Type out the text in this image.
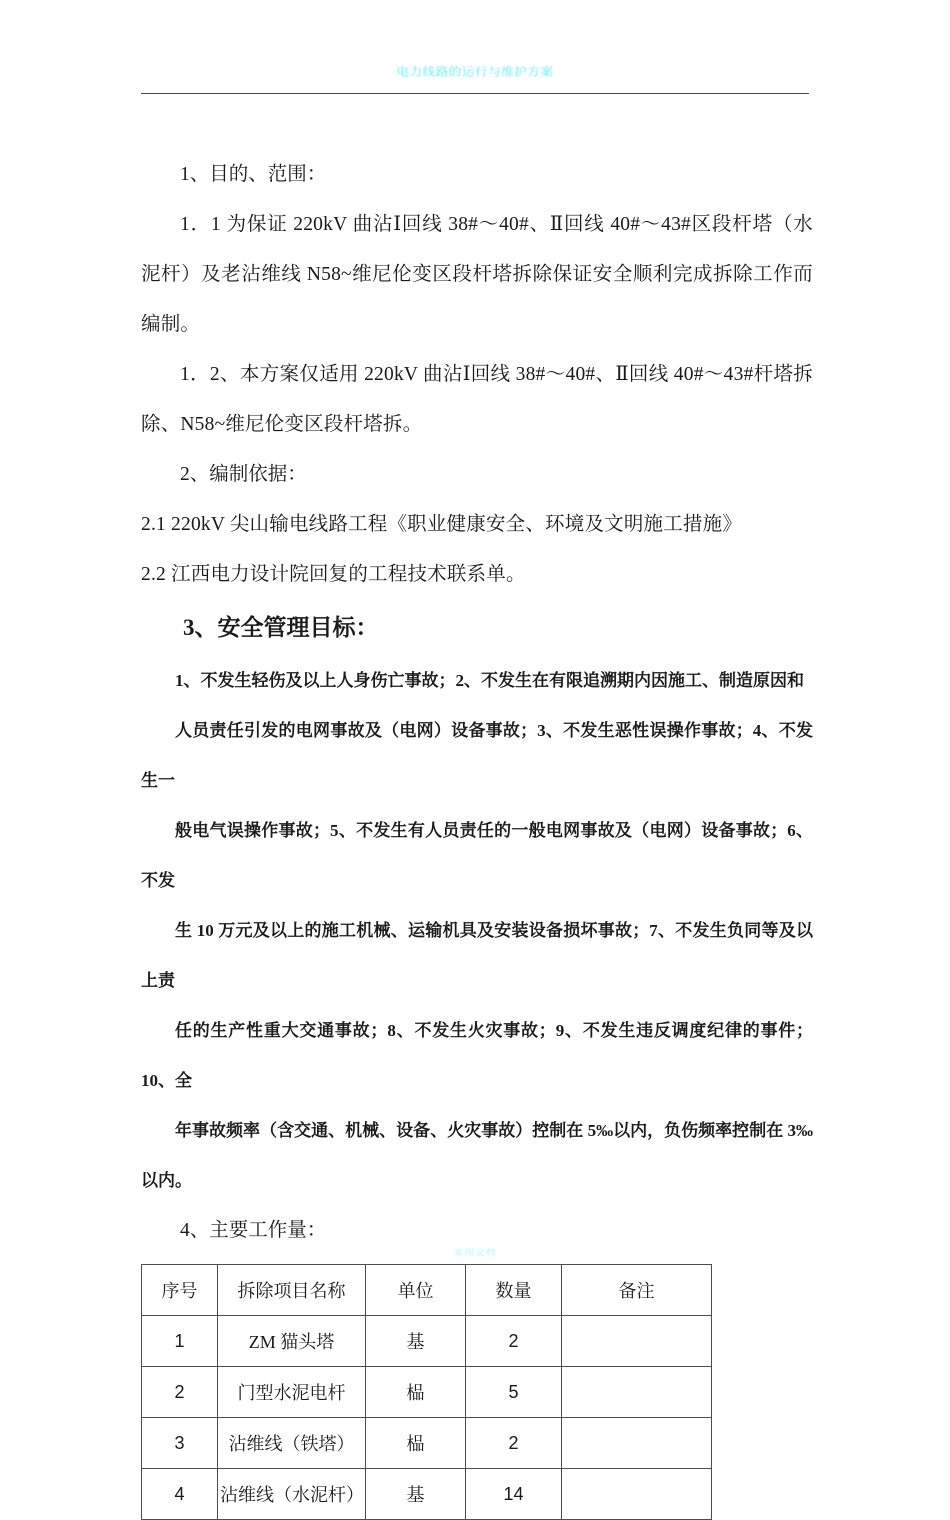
电力线路的运行与维护方案

1、目的、范围：

1．1 为保证 220kV 曲沾Ⅰ回线 38#～40#、Ⅱ回线 40#～43#区段杆塔（水泥杆）及老沾维线 N58~维尼伦变区段杆塔拆除保证安全顺利完成拆除工作而编制。

1．2、本方案仅适用 220kV 曲沾Ⅰ回线 38#～40#、Ⅱ回线 40#～43#杆塔拆除、N58~维尼伦变区段杆塔拆。

2、编制依据：

2.1 220kV 尖山输电线路工程《职业健康安全、环境及文明施工措施》

2.2 江西电力设计院回复的工程技术联系单。

3、安全管理目标：

1、不发生轻伤及以上人身伤亡事故；2、不发生在有限追溯期内因施工、制造原因和
人员责任引发的电网事故及（电网）设备事故；3、不发生恶性误操作事故；4、不发生一
般电气误操作事故；5、不发生有人员责任的一般电网事故及（电网）设备事故；6、不发
生 10 万元及以上的施工机械、运输机具及安装设备损坏事故；7、不发生负同等及以上责
任的生产性重大交通事故；8、不发生火灾事故；9、不发生违反调度纪律的事件；10、全
年事故频率（含交通、机械、设备、火灾事故）控制在 5‰以内，负伤频率控制在 3‰以内。

4、主要工作量：

序号	拆除项目名称	单位	数量	备注
1	ZM 猫头塔	基	2	
2	门型水泥电杆	榀	5	
3	沾维线（铁塔）	榀	2	
4	沾维线（水泥杆）	基	14	
实用文档
